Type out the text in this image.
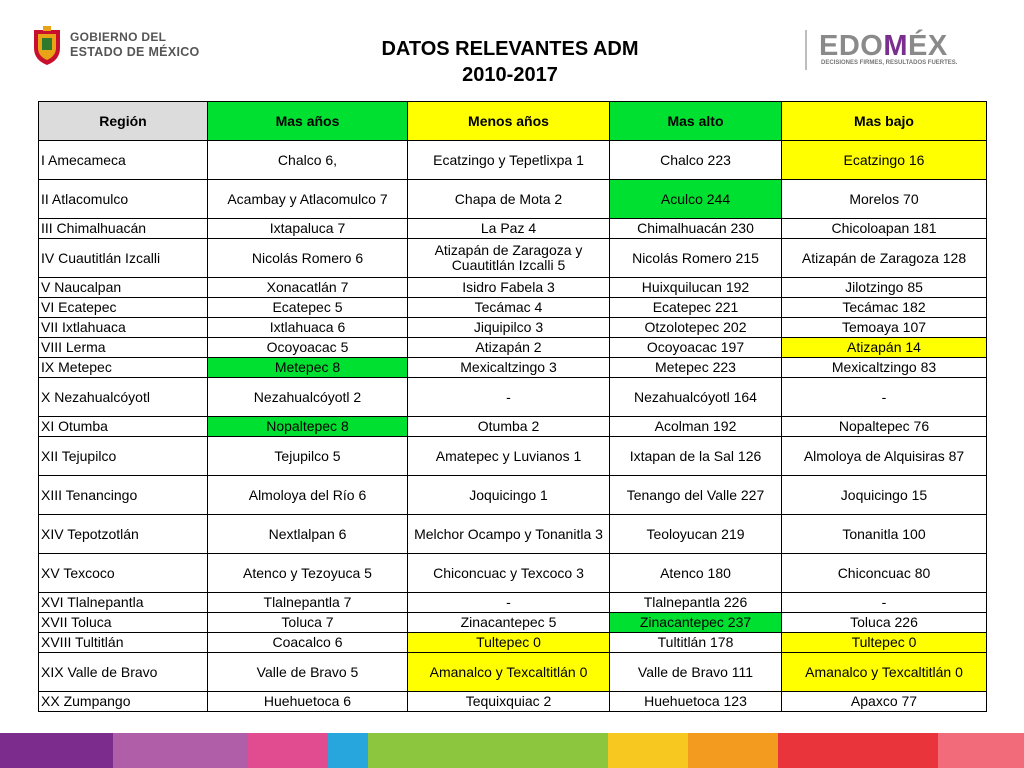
GOBIERNO DEL
ESTADO DE MÉXICO	DATOS RELEVANTES ADM
2010-2017
EDOMÉX
DECISIONES FIRMES, RESULTADOS FUERTES.
Región	Mas años	Menos años	Mas alto	Mas bajo
I Amecameca	Chalco 6,	Ecatzingo y Tepetlixpa 1	Chalco 223	Ecatzingo 16
II Atlacomulco	Acambay y Atlacomulco 7	Chapa de Mota 2	Aculco 244	Morelos 70
III Chimalhuacán	Ixtapaluca 7	La Paz 4	Chimalhuacán 230	Chicoloapan 181
IV Cuautitlán Izcalli	Nicolás Romero 6	Atizapán de Zaragoza y Cuautitlán Izcalli 5	Nicolás Romero 215	Atizapán de Zaragoza 128
V Naucalpan	Xonacatlán 7	Isidro Fabela 3	Huixquilucan 192	Jilotzingo 85
VI Ecatepec	Ecatepec 5	Tecámac 4	Ecatepec 221	Tecámac 182
VII Ixtlahuaca	Ixtlahuaca 6	Jiquipilco 3	Otzolotepec 202	Temoaya 107
VIII Lerma	Ocoyoacac 5	Atizapán 2	Ocoyoacac 197	Atizapán 14
IX Metepec	Metepec 8	Mexicaltzingo 3	Metepec 223	Mexicaltzingo 83
X Nezahualcóyotl	Nezahualcóyotl 2	-	Nezahualcóyotl 164	-
XI Otumba	Nopaltepec 8	Otumba 2	Acolman 192	Nopaltepec 76
XII Tejupilco	Tejupilco 5	Amatepec y Luvianos 1	Ixtapan de la Sal 126	Almoloya de Alquisiras 87
XIII Tenancingo	Almoloya del Río 6	Joquicingo 1	Tenango del Valle 227	Joquicingo 15
XIV Tepotzotlán	Nextlalpan 6	Melchor Ocampo y Tonanitla 3	Teoloyucan 219	Tonanitla 100
XV Texcoco	Atenco y Tezoyuca 5	Chiconcuac y Texcoco 3	Atenco 180	Chiconcuac 80
XVI Tlalnepantla	Tlalnepantla 7	-	Tlalnepantla 226	-
XVII Toluca	Toluca 7	Zinacantepec 5	Zinacantepec 237	Toluca 226
XVIII Tultitlán	Coacalco 6	Tultepec 0	Tultitlán 178	Tultepec 0
XIX Valle de Bravo	Valle de Bravo 5	Amanalco y Texcaltitlán 0	Valle de Bravo 111	Amanalco y Texcaltitlán 0
XX Zumpango	Huehuetoca 6	Tequixquiac 2	Huehuetoca 123	Apaxco 77
